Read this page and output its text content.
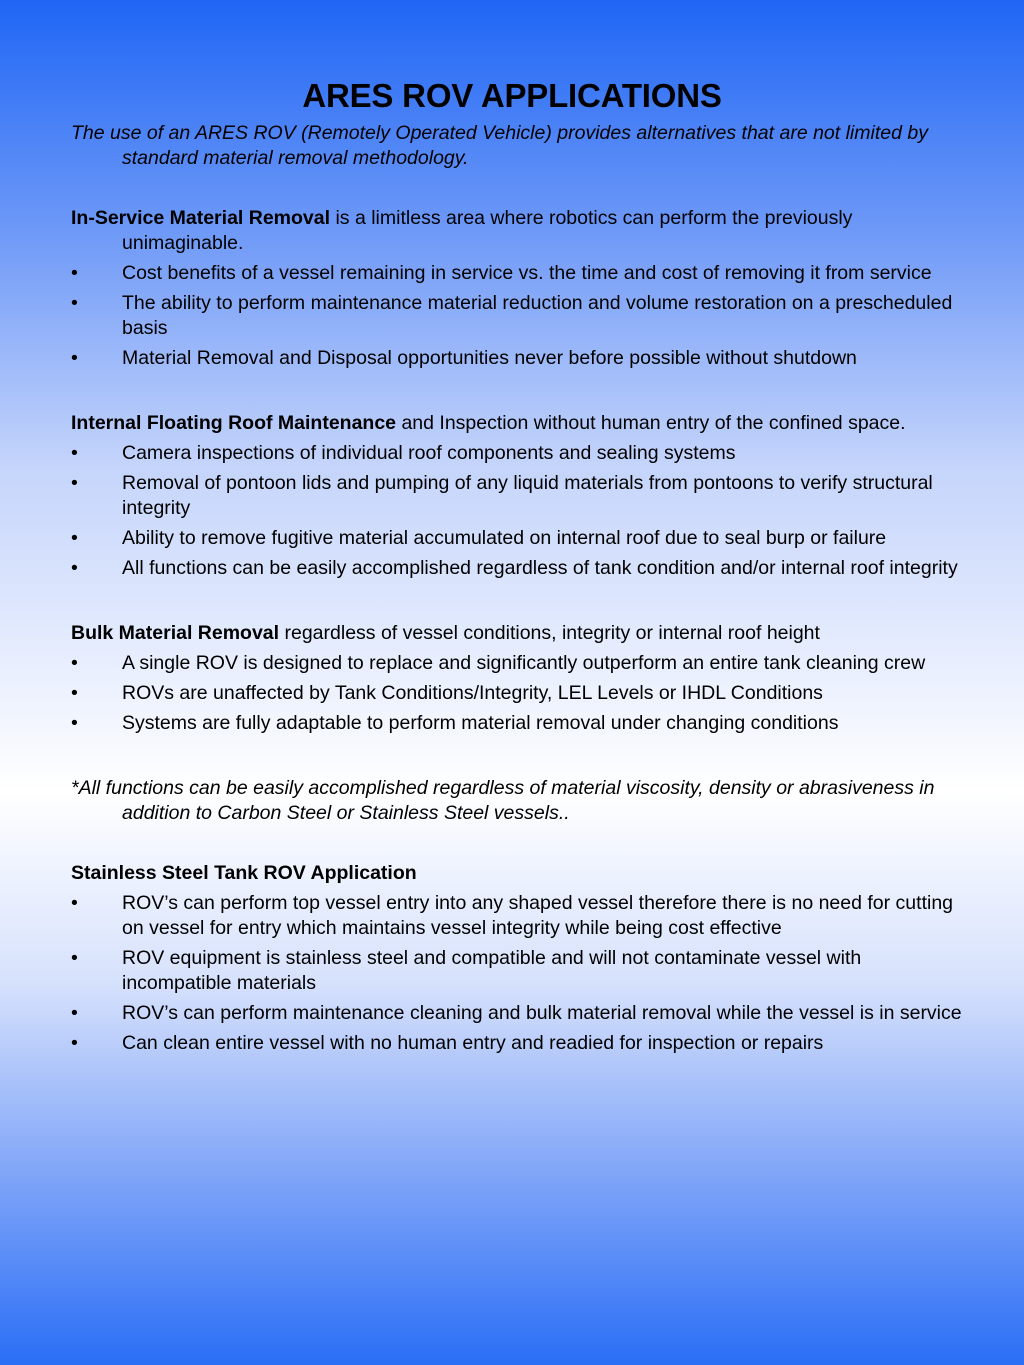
ARES ROV APPLICATIONS

The use of an ARES ROV (Remotely Operated Vehicle) provides alternatives that are not limited by standard material removal methodology.

In-Service Material Removal is a limitless area where robotics can perform the previously unimaginable.

•	Cost benefits of a vessel remaining in service vs. the time and cost of removing it from service
•	The ability to perform maintenance material reduction and volume restoration on a prescheduled basis
•	Material Removal and Disposal opportunities never before possible without shutdown

Internal Floating Roof Maintenance and Inspection without human entry of the confined space.

•	Camera inspections of individual roof components and sealing systems
•	Removal of pontoon lids and pumping of any liquid materials from pontoons to verify structural integrity
•	Ability to remove fugitive material accumulated on internal roof due to seal burp or failure
•	All functions can be easily accomplished regardless of tank condition and/or internal roof integrity

Bulk Material Removal regardless of vessel conditions, integrity or internal roof height

•	A single ROV is designed to replace and significantly outperform an entire tank cleaning crew
•	ROVs are unaffected by Tank Conditions/Integrity, LEL Levels or IHDL Conditions
•	Systems are fully adaptable to perform material removal under changing conditions

*All functions can be easily accomplished regardless of material viscosity, density or abrasiveness in addition to Carbon Steel or Stainless Steel vessels..

Stainless Steel Tank ROV Application

•	ROV’s can perform top vessel entry into any shaped vessel therefore there is no need for cutting on vessel for entry which maintains vessel integrity while being cost effective
•	ROV equipment is stainless steel and compatible and will not contaminate vessel with incompatible materials
•	ROV’s can perform maintenance cleaning and bulk material removal while the vessel is in service
•	Can clean entire vessel with no human entry and readied for inspection or repairs
